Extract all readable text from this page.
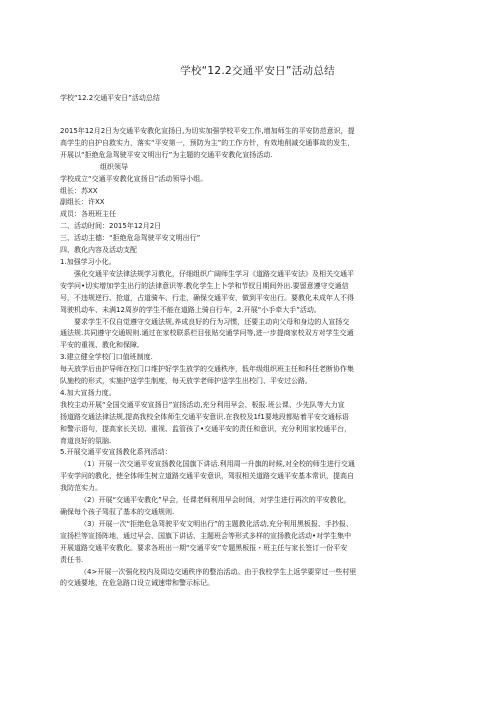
学校“12.2交通平安日”活动总结
学校“12.2交通平安日”活动总结
2015年12月2日为交通平安教化宣扬日,为切实加强学校平安工作,增加师生的平安防范意识，提
高学生的自护自救实力，落实“平安第一，预防为主”的工作方针，有效地削减交通事故的发生，
开展以“拒绝危急驾驶平安文明出行”为主题的交通平安教化宣扬活动.
组织领导
学校成立“交通平安教化宣扬日”活动领导小组。
组长：苏XX
副组长：许XX
成员：各班班主任
二、活动时间：2015年12月2日
三、活动主德：“拒绝危急驾驶平安文明出行”
四、教化内容及活动支配
1.加强学习小化。
强化交通平安法律法规学习教化，仔细组织广阔师生学习《道路交通平安法》及相关交通平
安学问•切实增加学生出行的法律意识等.教化学生上卜学和节钗日期间外出.要留意遵守交通信
号，不违规逆行、抢道，占道骑车、行走，确保交通平安，做到平安出行。要教化未成年人不得
驾驶机动车、未满12周岁的学生不能在道路上骑自行车，2.开展“小手牵大手”活动。
要求学生不仅自觉遵守交通法规,养成良好的行为习惯，还要主动向父母和身边的人宣扬交
通法规.共同遵守交通规则.通过在家校联系栏目张贴交通学问等,进一步提商家校双方对学生交通
平安的重视、教化和保障,
3.建立健全学校门口值班制度.
每天放学后由护导师在校门口维护好学生放学的交通秩序，低年级组织班主任和科任老断协作集
队施校的形式，实施护送学生制度，每天放学老师护送学生出校门、平安过公路,
4.加大宣扬力度。
我校主动开展“全国交通平安宣扬日”宣扬活动,充分利用早会、板报.班公课、少先队等大力宣
扬道路交通法律法规,提高我校全体师生交通平安意识.在我校及1f1要地段都贴着平安交通标语
和警示语句，提高家长关切、重视、监管孩了•交通平安的责任和意识，充分利用家校通平台，
育道良好的氛脑.
5.开展交通平安宣扬教化系列活动：
（1）开展一次交通平安宣扬教化国旗下讲话.利用周一升旗的时候,对全校的师生进行交通
平安学问的教化，使全体师生树立道路交通平安意识，驾驭相关道路交通平安基本常识，提高自
我防范实力。
（2）开展“交通平安教化”早会，任课老师利用早会时间，对学生进行再次的平安教化，
确保每个孩子驾驭了基本的交通规则.
（3）开展一次“拒绝危急驾驶平安文明出行”的主题教化活动,充分利用黑板报、手抄报、
宣扬栏等宣扬阵地，通过早会、国旗下讲话、主题班会等形式多样的宣扬教化活动•对学生集中
开展道路交通平安教化。要求各班出一期“交通平安”专题黑板报・班主任与家长签订一份平安
责任书.
（4>开展一次强化校内及周边交通秩序的整治活动。由于我校学生上返学要穿过一些村里
的交通要地，在危急路口设立诫速带和警示标记。
